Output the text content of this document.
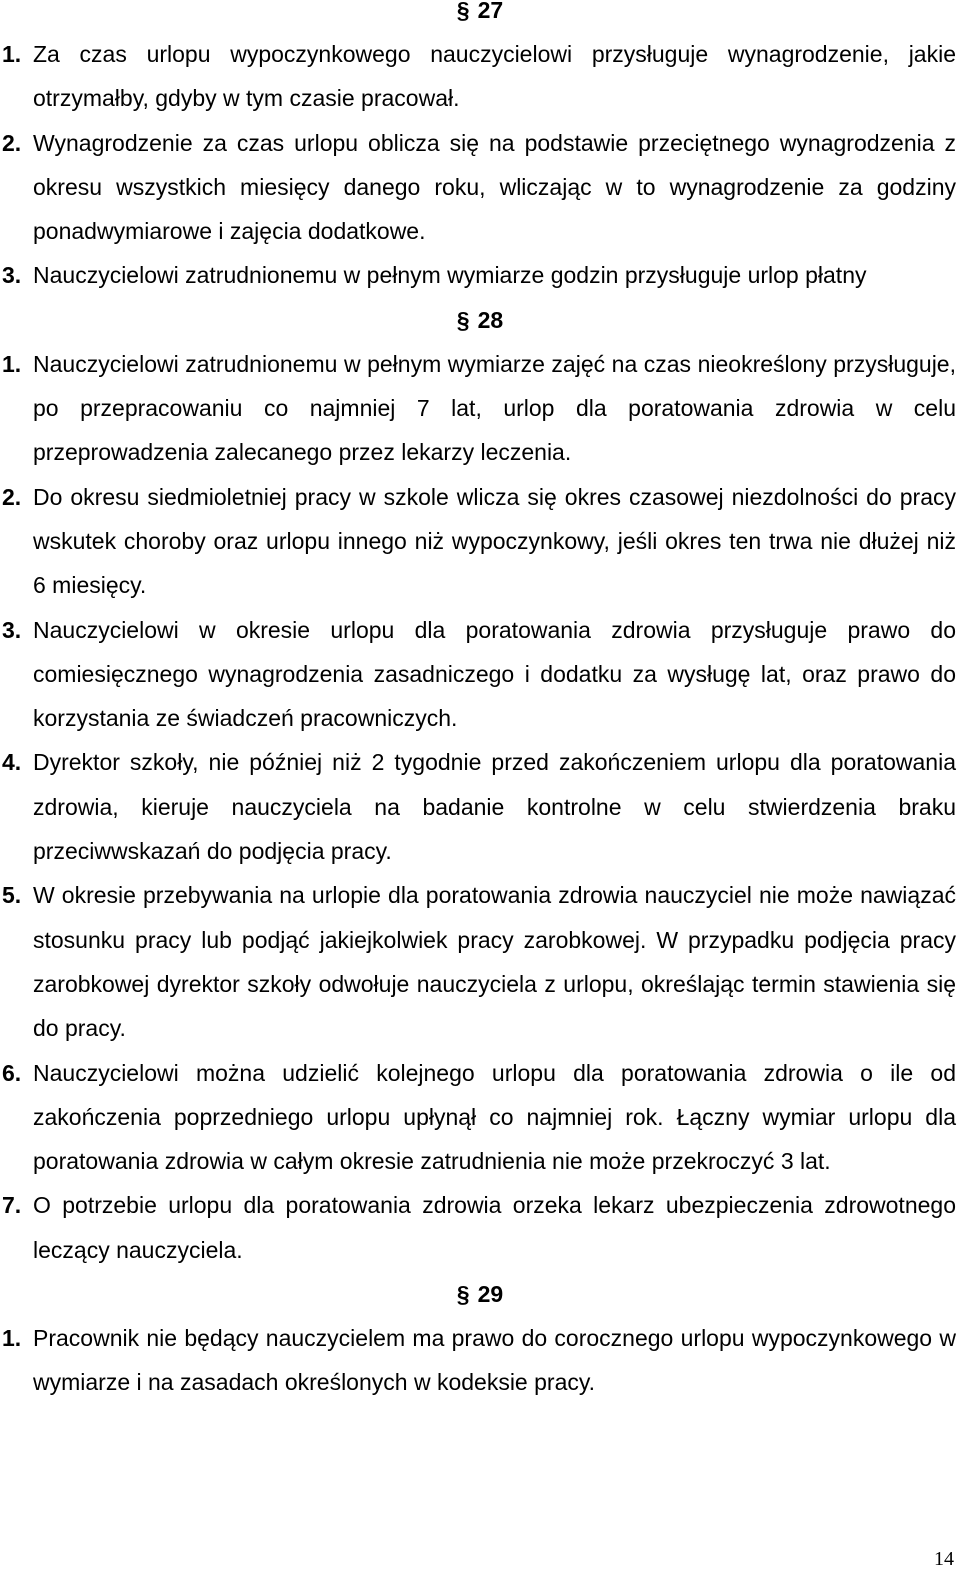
§ 27
1. Za czas urlopu wypoczynkowego nauczycielowi przysługuje wynagrodzenie, jakie otrzymałby, gdyby w tym czasie pracował.
2. Wynagrodzenie za czas urlopu oblicza się na podstawie przeciętnego wynagrodzenia z okresu wszystkich miesięcy danego roku, wliczając w to wynagrodzenie za godziny ponadwymiarowe i zajęcia dodatkowe.
3. Nauczycielowi zatrudnionemu w pełnym wymiarze godzin przysługuje urlop płatny
§ 28
1. Nauczycielowi zatrudnionemu w pełnym wymiarze zajęć na czas nieokreślony przysługuje, po przepracowaniu co najmniej 7 lat, urlop dla poratowania zdrowia w celu przeprowadzenia zalecanego przez lekarzy leczenia.
2. Do okresu siedmioletniej pracy w szkole wlicza się okres czasowej niezdolności do pracy wskutek choroby oraz urlopu innego niż wypoczynkowy, jeśli okres ten trwa nie dłużej niż 6 miesięcy.
3. Nauczycielowi w okresie urlopu dla poratowania zdrowia przysługuje prawo do comiesięcznego wynagrodzenia zasadniczego i dodatku za wysługę lat, oraz prawo do korzystania ze świadczeń pracowniczych.
4. Dyrektor szkoły, nie później niż 2 tygodnie przed zakończeniem urlopu dla poratowania zdrowia, kieruje nauczyciela na badanie kontrolne w celu stwierdzenia braku przeciwwskazań do podjęcia pracy.
5. W okresie przebywania na urlopie dla poratowania zdrowia nauczyciel nie może nawiązać stosunku pracy lub podjąć jakiejkolwiek pracy zarobkowej. W przypadku podjęcia pracy zarobkowej dyrektor szkoły odwołuje nauczyciela z urlopu, określając termin stawienia się do pracy.
6. Nauczycielowi można udzielić kolejnego urlopu dla poratowania zdrowia o ile od zakończenia poprzedniego urlopu upłynął co najmniej rok. Łączny wymiar urlopu dla poratowania zdrowia w całym okresie zatrudnienia nie może przekroczyć 3 lat.
7. O potrzebie urlopu dla poratowania zdrowia orzeka lekarz ubezpieczenia zdrowotnego leczący nauczyciela.
§ 29
1. Pracownik nie będący nauczycielem ma prawo do corocznego urlopu wypoczynkowego w wymiarze i na zasadach określonych w kodeksie pracy.
14
